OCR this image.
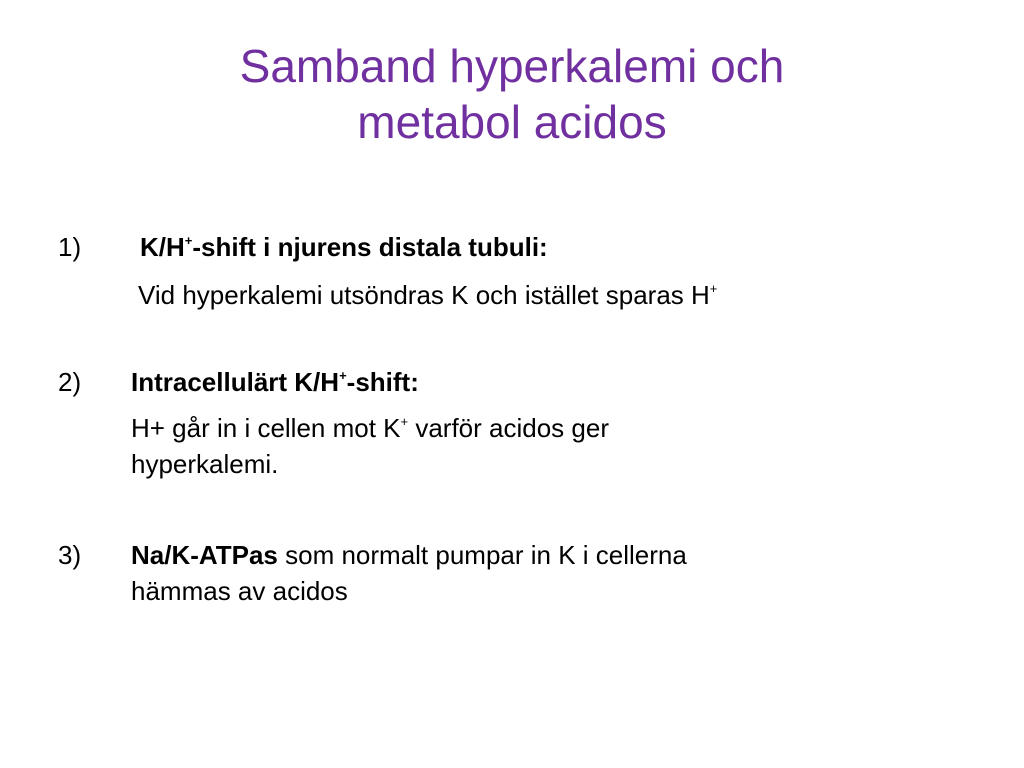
Samband hyperkalemi och
metabol acidos
1) K/H+-shift i njurens distala tubuli:
Vid hyperkalemi utsöndras K och istället sparas H+
2) Intracellulärt K/H+-shift:
H+ går in i cellen mot K+ varför acidos ger
hyperkalemi.
3) Na/K-ATPas som normalt pumpar in K i cellerna
hämmas av acidos
